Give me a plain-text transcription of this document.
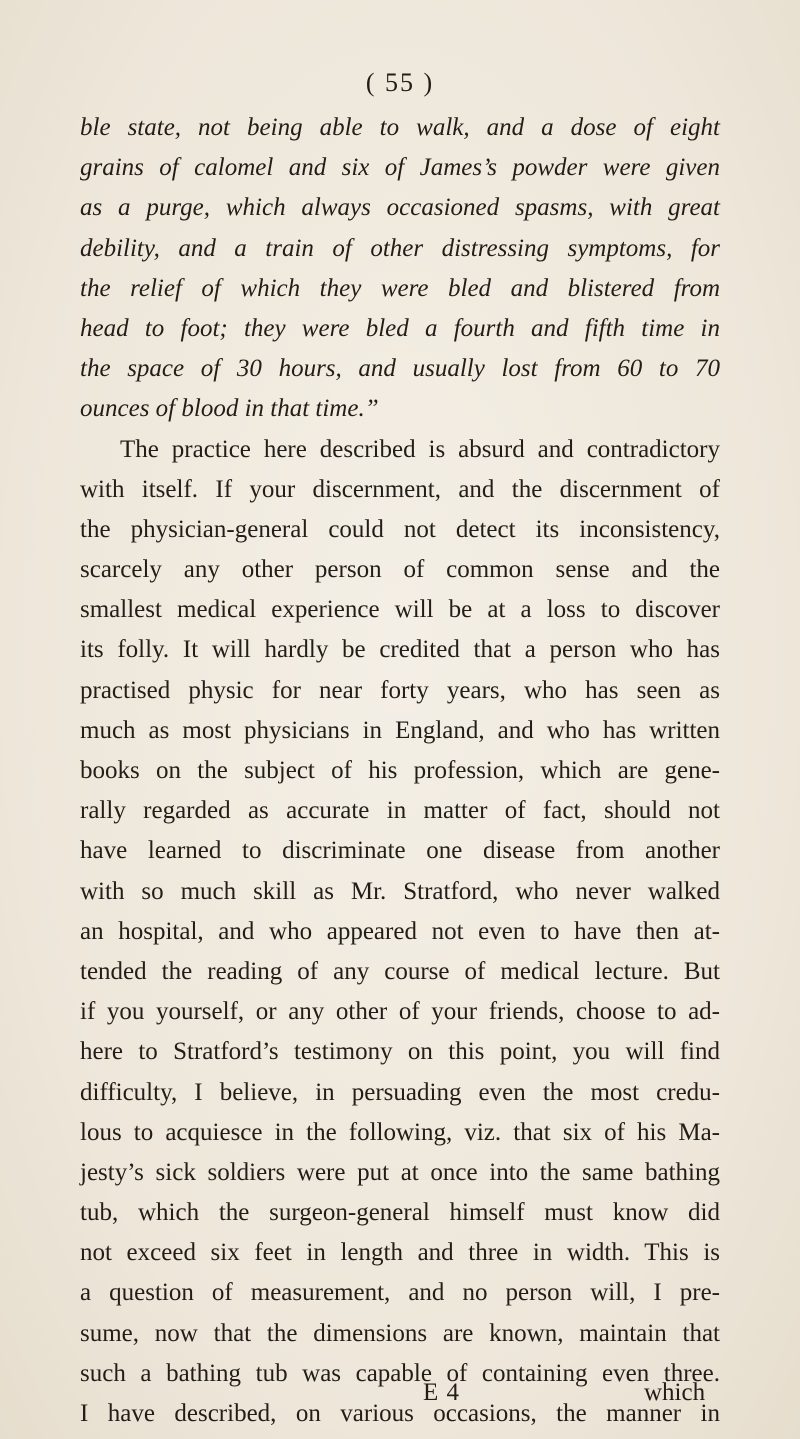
( 55 )
ble state, not being able to walk, and a dose of eight
grains of calomel and six of James’s powder were given
as a purge, which always occasioned spasms, with great
debility, and a train of other distressing symptoms, for
the relief of which they were bled and blistered from
head to foot; they were bled a fourth and fifth time in
the space of 30 hours, and usually lost from 60 to 70
ounces of blood in that time.”
The practice here described is absurd and contradictory
with itself. If your discernment, and the discernment of
the physician-general could not detect its inconsistency,
scarcely any other person of common sense and the
smallest medical experience will be at a loss to discover
its folly. It will hardly be credited that a person who has
practised physic for near forty years, who has seen as
much as most physicians in England, and who has written
books on the subject of his profession, which are gene-
rally regarded as accurate in matter of fact, should not
have learned to discriminate one disease from another
with so much skill as Mr. Stratford, who never walked
an hospital, and who appeared not even to have then at-
tended the reading of any course of medical lecture. But
if you yourself, or any other of your friends, choose to ad-
here to Stratford’s testimony on this point, you will find
difficulty, I believe, in persuading even the most credu-
lous to acquiesce in the following, viz. that six of his Ma-
jesty’s sick soldiers were put at once into the same bathing
tub, which the surgeon-general himself must know did
not exceed six feet in length and three in width. This is
a question of measurement, and no person will, I pre-
sume, now that the dimensions are known, maintain that
such a bathing tub was capable of containing even three.
I have described, on various occasions, the manner in
E 4	which
